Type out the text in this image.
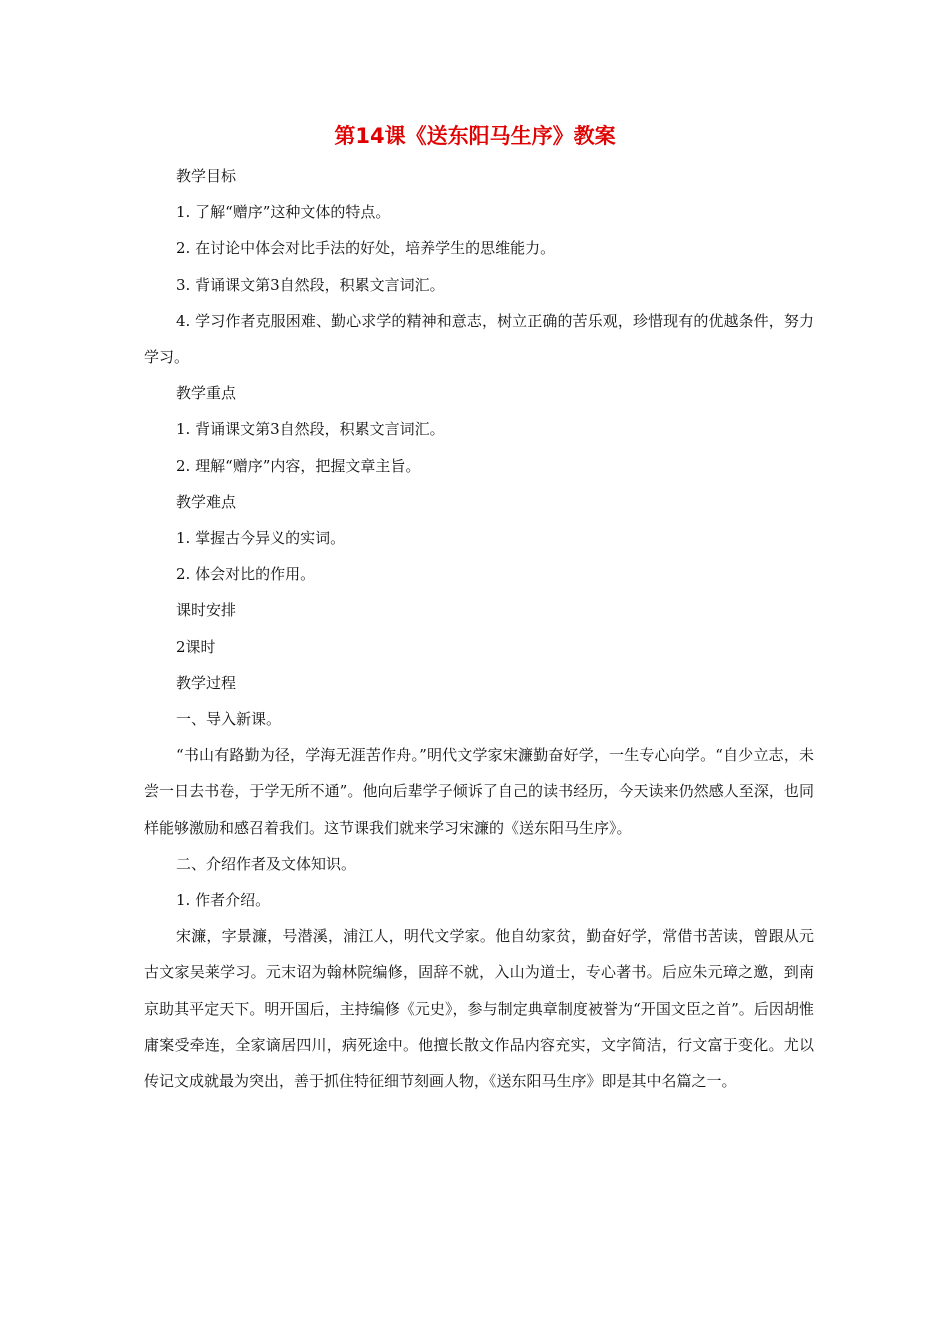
第14课《送东阳马生序》教案

教学目标

1. 了解“赠序”这种文体的特点。

2. 在讨论中体会对比手法的好处，培养学生的思维能力。

3. 背诵课文第3自然段，积累文言词汇。

4. 学习作者克服困难、勤心求学的精神和意志，树立正确的苦乐观，珍惜现有的优越条件，努力学习。

教学重点

1. 背诵课文第3自然段，积累文言词汇。

2. 理解“赠序”内容，把握文章主旨。

教学难点

1. 掌握古今异义的实词。

2. 体会对比的作用。

课时安排

2课时

教学过程

一、导入新课。

“书山有路勤为径，学海无涯苦作舟。”明代文学家宋濂勤奋好学，一生专心向学。“自少立志，未尝一日去书卷，于学无所不通”。他向后辈学子倾诉了自己的读书经历，今天读来仍然感人至深，也同样能够激励和感召着我们。这节课我们就来学习宋濂的《送东阳马生序》。

二、介绍作者及文体知识。

1. 作者介绍。

宋濂，字景濂，号潜溪，浦江人，明代文学家。他自幼家贫，勤奋好学，常借书苦读，曾跟从元古文家吴莱学习。元末诏为翰林院编修，固辞不就，入山为道士，专心著书。后应朱元璋之邀，到南京助其平定天下。明开国后，主持编修《元史》，参与制定典章制度被誉为“开国文臣之首”。后因胡惟庸案受牵连，全家谪居四川，病死途中。他擅长散文作品内容充实，文字简洁，行文富于变化。尤以传记文成就最为突出，善于抓住特征细节刻画人物，《送东阳马生序》即是其中名篇之一。
